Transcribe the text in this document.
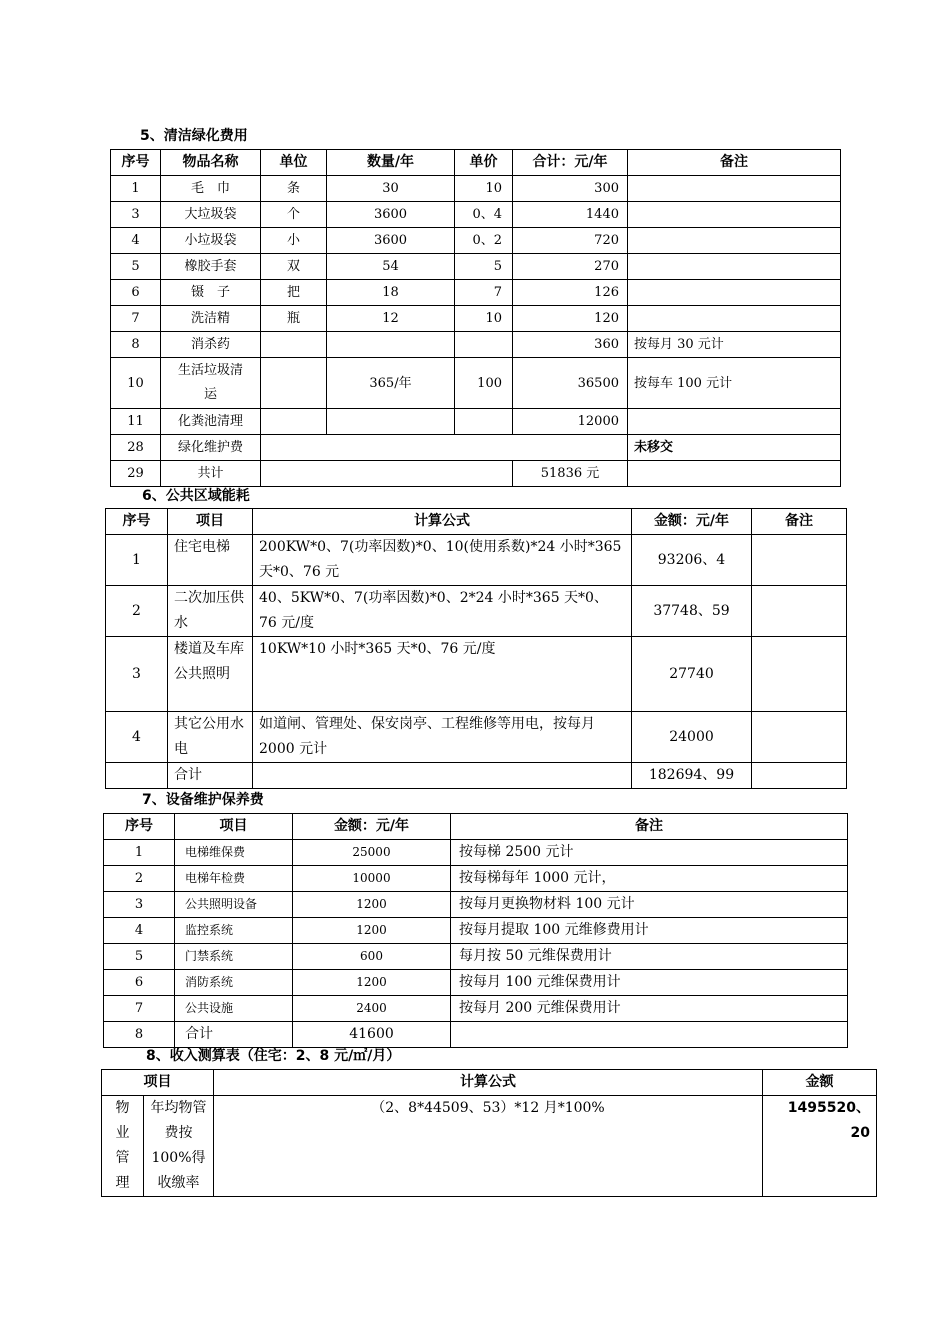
5、清洁绿化费用
序号	物品名称	单位	数量/年	单价	合计：元/年	备注
1	毛　巾	条	30	10	300	
3	大垃圾袋	个	3600	0、4	1440	
4	小垃圾袋	小	3600	0、2	720	
5	橡胶手套	双	54	5	270	
6	镊　子	把	18	7	126	
7	洗洁精	瓶	12	10	120	
8	消杀药				360	按每月 30 元计
10	生活垃圾清运		365/年	100	36500	按每车 100 元计
11	化粪池清理				12000	
28	绿化维护费					未移交
29	共计				51836 元	
6、公共区域能耗
序号	项目	计算公式	金额：元/年	备注
1	住宅电梯	200KW*0、7(功率因数)*0、10(使用系数)*24 小时*365 天*0、76 元	93206、4	
2	二次加压供水	40、5KW*0、7(功率因数)*0、2*24 小时*365 天*0、76 元/度	37748、59	
3	楼道及车库公共照明	10KW*10 小时*365 天*0、76 元/度	27740	
4	其它公用水电	如道闸、管理处、保安岗亭、工程维修等用电，按每月 2000 元计	24000	
	合计		182694、99	
7、设备维护保养费
序号	项目	金额：元/年	备注
1	电梯维保费	25000	按每梯 2500 元计
2	电梯年检费	10000	按每梯每年 1000 元计，
3	公共照明设备	1200	按每月更换物材料 100 元计
4	监控系统	1200	按每月提取 100 元维修费用计
5	门禁系统	600	每月按 50 元维保费用计
6	消防系统	1200	按每月 100 元维保费用计
7	公共设施	2400	按每月 200 元维保费用计
8	合计	41600	
8、收入测算表（住宅：2、8 元/㎡/月）
项目		计算公式	金额
物业管理	年均物管费按100%得收缴率	（2、8*44509、53）*12 月*100%	1495520、20
